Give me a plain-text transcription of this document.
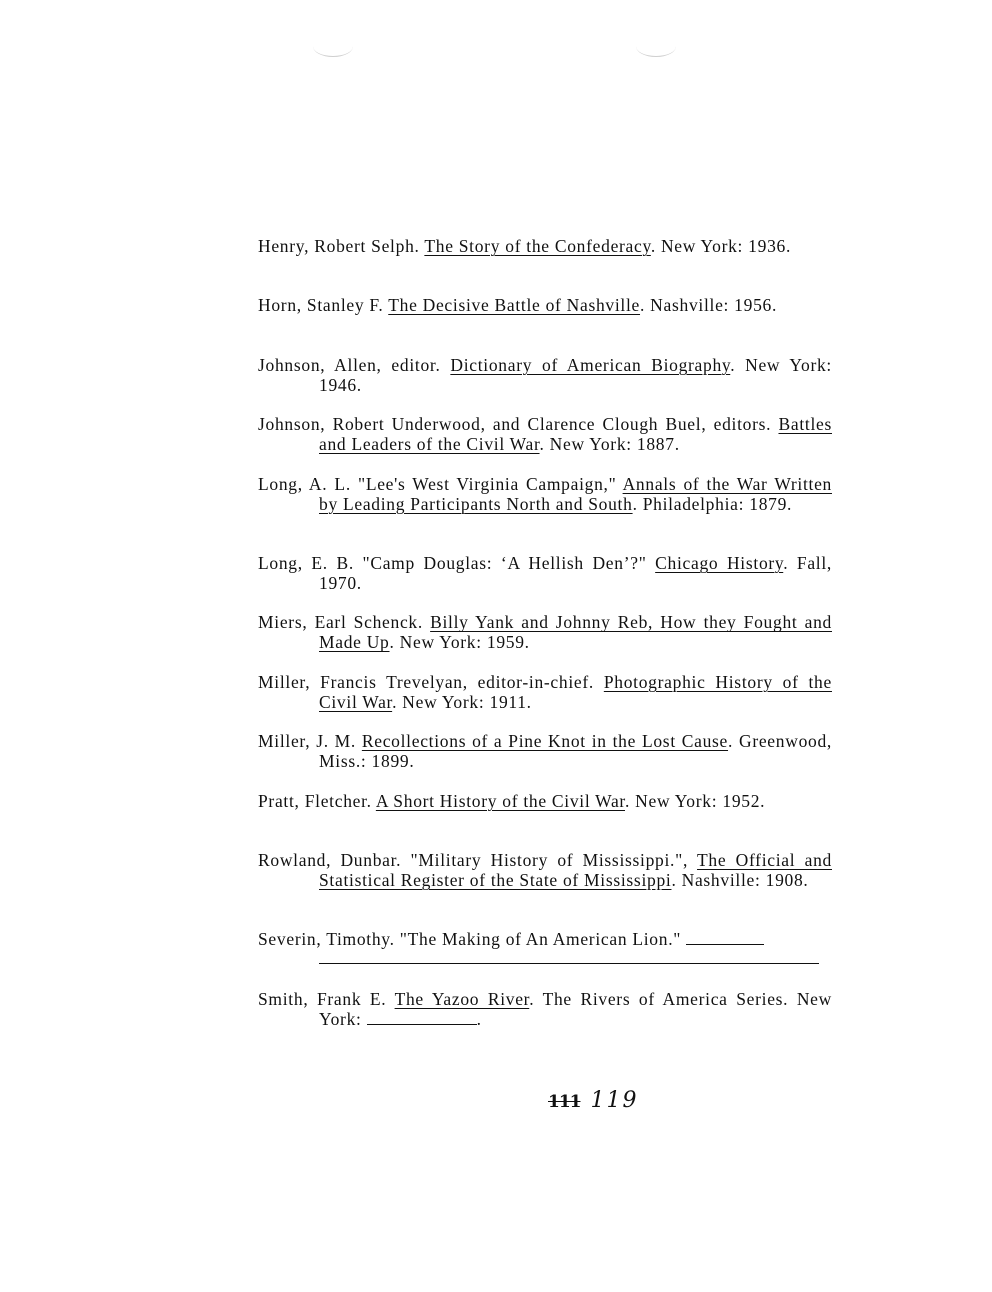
Henry, Robert Selph. The Story of the Confederacy. New York: 1936.

Horn, Stanley F. The Decisive Battle of Nashville. Nashville: 1956.

Johnson, Allen, editor. Dictionary of American Biography. New York: 1946.

Johnson, Robert Underwood, and Clarence Clough Buel, editors. Battles and Leaders of the Civil War. New York: 1887.

Long, A. L. "Lee's West Virginia Campaign," Annals of the War Written by Leading Participants North and South. Philadelphia: 1879.

Long, E. B. "Camp Douglas: ‘A Hellish Den’?" Chicago History. Fall, 1970.

Miers, Earl Schenck. Billy Yank and Johnny Reb, How they Fought and Made Up. New York: 1959.

Miller, Francis Trevelyan, editor-in-chief. Photographic History of the Civil War. New York: 1911.

Miller, J. M. Recollections of a Pine Knot in the Lost Cause. Greenwood, Miss.: 1899.

Pratt, Fletcher. A Short History of the Civil War. New York: 1952.

Rowland, Dunbar. "Military History of Mississippi.", The Official and Statistical Register of the State of Mississippi. Nashville: 1908.

Severin, Timothy. "The Making of An American Lion."

Smith, Frank E. The Yazoo River. The Rivers of America Series. New York:	.

111 119
